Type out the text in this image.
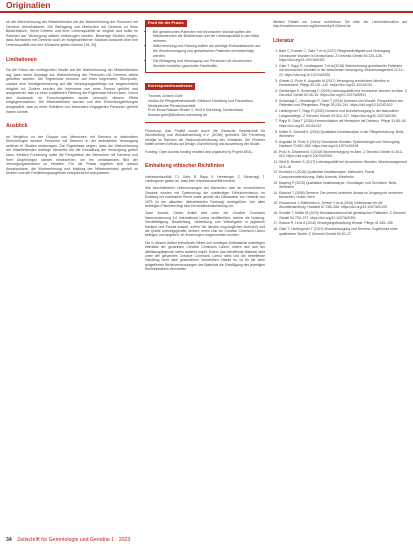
Originalien

ob die Wahrnehmung der Mitarbeitenden mit der Wahrnehmung der Personen mit Demenz übereinstimmt. Die Befragung von Menschen mit Demenz zu ihren Bedürfnissen, ihrem Erleben und ihrer Lebensqualität ist möglich und sollte im Rahmen der Versorgung stärker einbezogen werden. Bisherige Studien zeigen, dass Menschen mit Demenz auch im fortgeschrittenen Stadium Auskunft über ihre Lebensqualität und ihre Wünsche geben können [15, 20].

Limitationen

Da die Fokus der vorliegenden Studie auf der Wahrnehmung der Mitarbeitenden lag, kann keine Aussage zur Wahrnehmung der Personen mit Demenz selbst getroffen werden. Die Ergebnisse beruhen auf einer begrenzten Stichprobe, sodass eine Verallgemeinerung auf alle Versorgungssettings nur eingeschränkt möglich ist. Zudem wurden die Interviews von einer Person geführt und ausgewertet, was zu einer subjektiven Färbung der Ergebnisse führen kann. Durch den Austausch im Forschungsteam wurde versucht, diesem Effekt entgegenzuwirken. Die Mitarbeitenden wurden von den Einrichtungsleitungen ausgewählt, was zu einer Selektion von besonders engagierten Personen geführt haben könnte.

Ausblick

Im Vergleich zu der Gruppe von Menschen mit Demenz in stationären Einrichtungen werden Personen mit Demenz in der ambulanten Versorgung seltener in Studien einbezogen. Die Ergebnisse zeigen, dass die Wahrnehmung der Mitarbeitenden wichtige Hinweise auf die Gestaltung der Versorgung geben kann. Weitere Forschung sollte die Perspektive der Menschen mit Demenz und ihrer Angehörigen stärker einbeziehen, um ein umfassendes Bild der Versorgungssituation zu erhalten. Für die Praxis ergeben sich daraus Ansatzpunkte, die Wahrnehmung und Haltung der Mitarbeitenden gezielt zu fördern und die Fortbildungsangebote entsprechend anzupassen.

Fazit für die Praxis
• Bei geriatrischen Patienten mit chronischer Wunde sollten die Mitarbeitenden die Bedürfnisse und die Lebensqualität in den Blick nehmen.
• Wahrnehmung und Haltung sollten als wichtige Einflussfaktoren auf die Wundversorgung von geriatrischen Patienten berücksichtigt werden.
• Die Befragung und Versorgung von Personen mit chronischen Wunden bedürfen geschulter Fachkräfte.
Korrespondenzadresse
Thomas Johann Gahr
Institut für Pflegewissenschaft, Klinikum Nürnberg und Paracelsus Medizinische Privatuniversität
Prof.-Ernst-Nathan-Straße 1, 90419 Nürnberg, Deutschland
thomas.gahr@klinikum-nuernberg.de

Förderung. Das Projekt wurde durch die Deutsche Gesellschaft für Wundheilung und Wundbehandlung e.V. (DGfW) gefördert. Die Förderung erfolgte im Rahmen der Nachwuchsförderung des Vorstands. Die Förderer hatten keinen Einfluss auf Design, Durchführung und Auswertung der Studie.

Funding. Open Access funding enabled and organized by Projekt DEAL.

Einhaltung ethischer Richtlinien

Interessenkonflikt. T.J. Gahr, R. Rapp, E. Hemberger, C. Scharnagl, T. Liedhegener gaben an, dass kein Interessenkonflikt besteht.

Alle beschriebenen Untersuchungen am Menschen oder an menschlichem Gewebe wurden mit Zustimmung der zuständigen Ethikkommission, im Einklang mit nationalem Recht sowie gemäß der Deklaration von Helsinki von 1975 (in der aktuellen, überarbeiteten Fassung) durchgeführt. Von allen beteiligten Patienten liegt eine Einverständniserklärung vor.

Open Access. Dieser Artikel wird unter der Creative Commons Namensnennung 4.0 International Lizenz veröffentlicht, welche die Nutzung, Vervielfältigung, Bearbeitung, Verbreitung und Wiedergabe in jeglichem Medium und Format erlaubt, sofern Sie den/die ursprünglichen Autor(en) und die Quelle ordnungsgemäß nennen, einen Link zur Creative Commons Lizenz beifügen und angeben, ob Änderungen vorgenommen wurden.

Die in diesem Artikel enthaltenen Bilder und sonstiges Drittmaterial unterliegen ebenfalls der genannten Creative Commons Lizenz, sofern sich aus der Abbildungslegende nichts anderes ergibt. Sofern das betreffende Material nicht unter der genannten Creative Commons Lizenz steht und die betreffende Handlung nicht nach gesetzlichen Vorschriften erlaubt ist, ist für die oben aufgeführten Weiterverwendungen des Materials die Einwilligung des jeweiligen Rechteinhabers einzuholen.

Weitere Details zur Lizenz entnehmen Sie bitte der Lizenzinformation auf http://creativecommons.org/licenses/by/4.0/deed.de.

Literatur
1. Bahr C, Kramer C, Gahr T et al (2017) Pflegebedürftigkeit und Versorgung chronischer Wunden in Deutschland. Z Gerontol Geriatr 50:120–128. https://doi.org/10.1007/s00391
2. Gahr T, Rapp R, Liedhegener T et al (2018) Wahrnehmung geriatrischer Patienten mit chronischen Wunden in der ambulanten Versorgung. Wundmanagement 12:14–22. https://doi.org/10.1007/s00391
3. Graner G, Protz K, Augustin M (2017) Versorgung chronischer Wunden in Deutschland. Pflege 30:131–140. https://doi.org/10.1024/1012
4. Hemberger E, Scharnagl C (2019) Lebensqualität und chronische Wunden im Alter. Z Gerontol Geriatr 52:45–52. https://doi.org/10.1007/s00391
5. Scharnagl C, Hemberger E, Gahr T (2016) Schmerz und Wunde: Perspektiven von Patienten und Pflegenden. Pflege 29:233–241. https://doi.org/10.1024/1012
6. Liedhegener T, Rapp R (2020) Demenz und Wundversorgung in der stationären Langzeitpflege. Z Gerontol Geriatr 53:310–317. https://doi.org/10.1007/s00391
7. Rapp R, Gahr T (2018) Kommunikation mit Menschen mit Demenz. Pflege 31:85–94. https://doi.org/10.1024/1012
8. Müller S, Schmidt K (2015) Qualitative Inhaltsanalyse in der Pflegeforschung. Beltz, Weinheim
9. Augustin M, Protz K (2019) Chronische Wunden: Epidemiologie und Versorgung. Hautarzt 70:562–569. https://doi.org/10.1007/s00105
10. Protz K, Dissemond J (2018) Wundversorgung im Alter. Z Gerontol Geriatr 51:612–619. https://doi.org/10.1007/s00391
11. Wolf B, Becker S (2017) Lebensqualität bei chronischen Wunden. Wundmanagement 11:8–16
12. Kuckartz U (2016) Qualitative Inhaltsanalyse. Methoden, Praxis, Computerunterstützung. Beltz Juventa, Weinheim
13. Mayring P (2015) Qualitative Inhaltsanalyse. Grundlagen und Techniken. Beltz, Weinheim
14. Kitwood T (2008) Demenz. Der person-zentrierte Ansatz im Umgang mit verwirrten Menschen. Huber, Bern
15. Dissemond J, Bültemann A, Gerber V et al (2016) Definitionen für die Wundbehandlung. Hautarzt 67:265–266. https://doi.org/10.1007/s00105
16. Schäfer T, Müller M (2019) Wundassessment bei geriatrischen Patienten. Z Gerontol Geriatr 52:700–707. https://doi.org/10.1007/s00391
17. Krause R, Lenz A (2018) Versorgungsforschung Wunde. Pflege 31:189–198
18. Gahr T, Liedhegener T (2021) Wundversorgung und Demenz: Ergebnisse einer qualitativen Studie. Z Gerontol Geriatr 54:20–27
34 Zeitschrift für Gerontologie und Geriatrie 1 · 2023
